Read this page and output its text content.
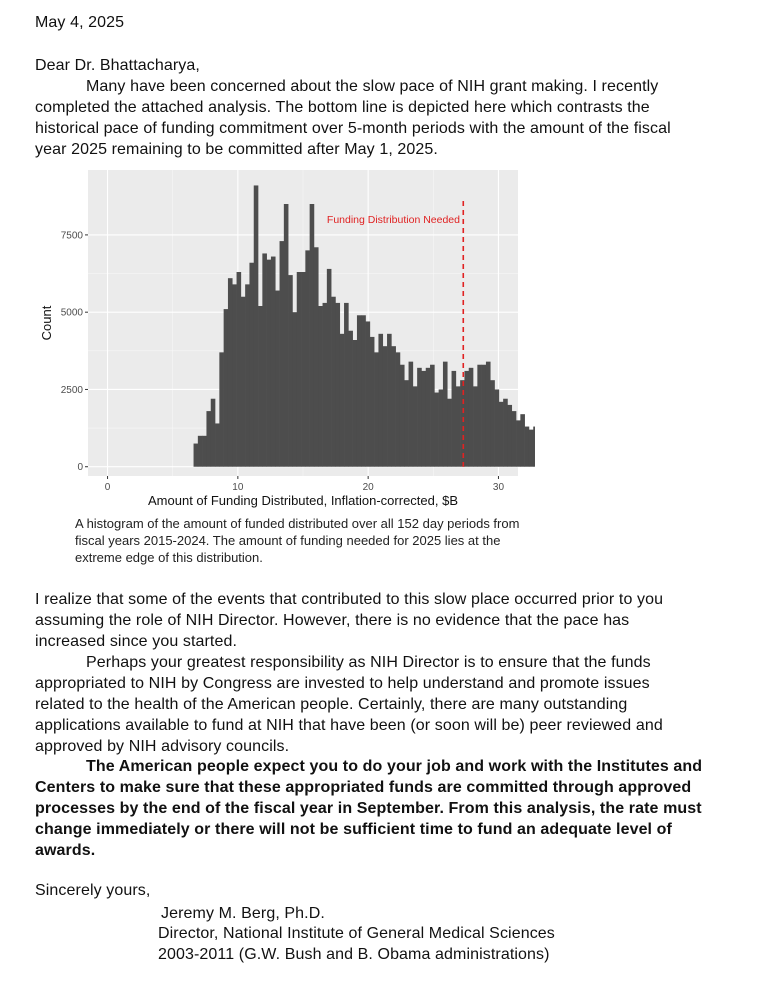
May 4, 2025
Dear Dr. Bhattacharya,
Many have been concerned about the slow pace of NIH grant making. I recently
completed the attached analysis. The bottom line is depicted here which contrasts the
historical pace of funding commitment over 5-month periods with the amount of the fiscal
year 2025 remaining to be committed after May 1, 2025.
Funding Distribution Needed
0
2500
5000
7500
0	10	20	30
Count
Amount of Funding Distributed, Inflation-corrected, $B
A histogram of the amount of funded distributed over all 152 day periods from
fiscal years 2015-2024. The amount of funding needed for 2025 lies at the
extreme edge of this distribution.
I realize that some of the events that contributed to this slow place occurred prior to you
assuming the role of NIH Director. However, there is no evidence that the pace has
increased since you started.
Perhaps your greatest responsibility as NIH Director is to ensure that the funds
appropriated to NIH by Congress are invested to help understand and promote issues
related to the health of the American people. Certainly, there are many outstanding
applications available to fund at NIH that have been (or soon will be) peer reviewed and
approved by NIH advisory councils.
The American people expect you to do your job and work with the Institutes and
Centers to make sure that these appropriated funds are committed through approved
processes by the end of the fiscal year in September. From this analysis, the rate must
change immediately or there will not be sufficient time to fund an adequate level of
awards.
Sincerely yours,
Jeremy M. Berg, Ph.D.
Director, National Institute of General Medical Sciences
2003-2011 (G.W. Bush and B. Obama administrations)
